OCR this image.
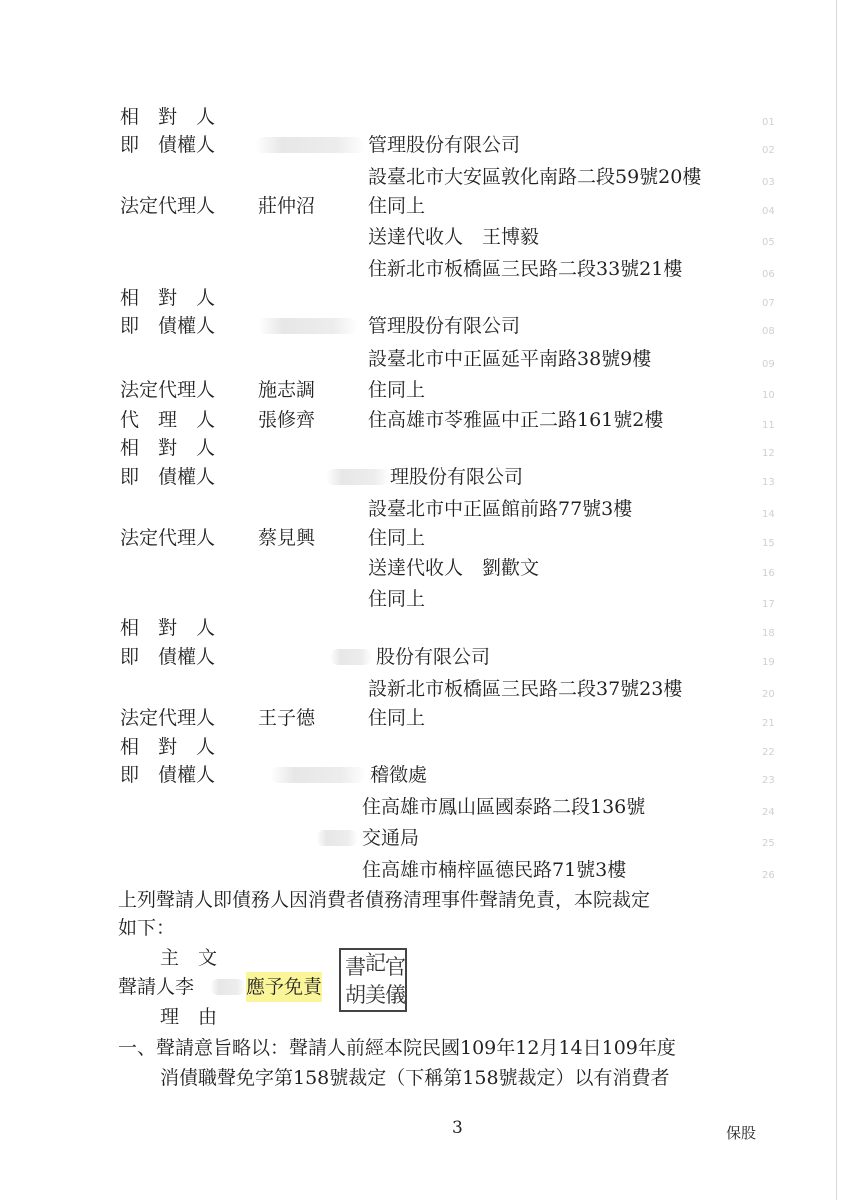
相　對　人	01
即　債權人	管理股份有限公司	02
設臺北市大安區敦化南路二段59號20樓	03
法定代理人 莊仲沼	住同上	04
送達代收人　王博毅	05
住新北市板橋區三民路二段33號21樓	06
相　對　人	07
即　債權人	管理股份有限公司	08
設臺北市中正區延平南路38號9樓	09
法定代理人 施志調	住同上	10
代　理　人 張修齊	住高雄市苓雅區中正二路161號2樓	11
相　對　人	12
即　債權人	理股份有限公司	13
設臺北市中正區館前路77號3樓	14
法定代理人 蔡見興	住同上	15
送達代收人　劉歡文	16
住同上	17
相　對　人	18
即　債權人	股份有限公司	19
設新北市板橋區三民路二段37號23樓	20
法定代理人 王子德	住同上	21
相　對　人	22
即　債權人	稽徵處	23
住高雄市鳳山區國泰路二段136號	24
交通局	25
住高雄市楠梓區德民路71號3樓	26
上列聲請人即債務人因消費者債務清理事件聲請免責，本院裁定
如下：
主　文
聲請人李	應予免責
書 記 官
胡 美 儀
理　由
一、聲請意旨略以：聲請人前經本院民國109年12月14日109年度
消債職聲免字第158號裁定（下稱第158號裁定）以有消費者
3	保股
